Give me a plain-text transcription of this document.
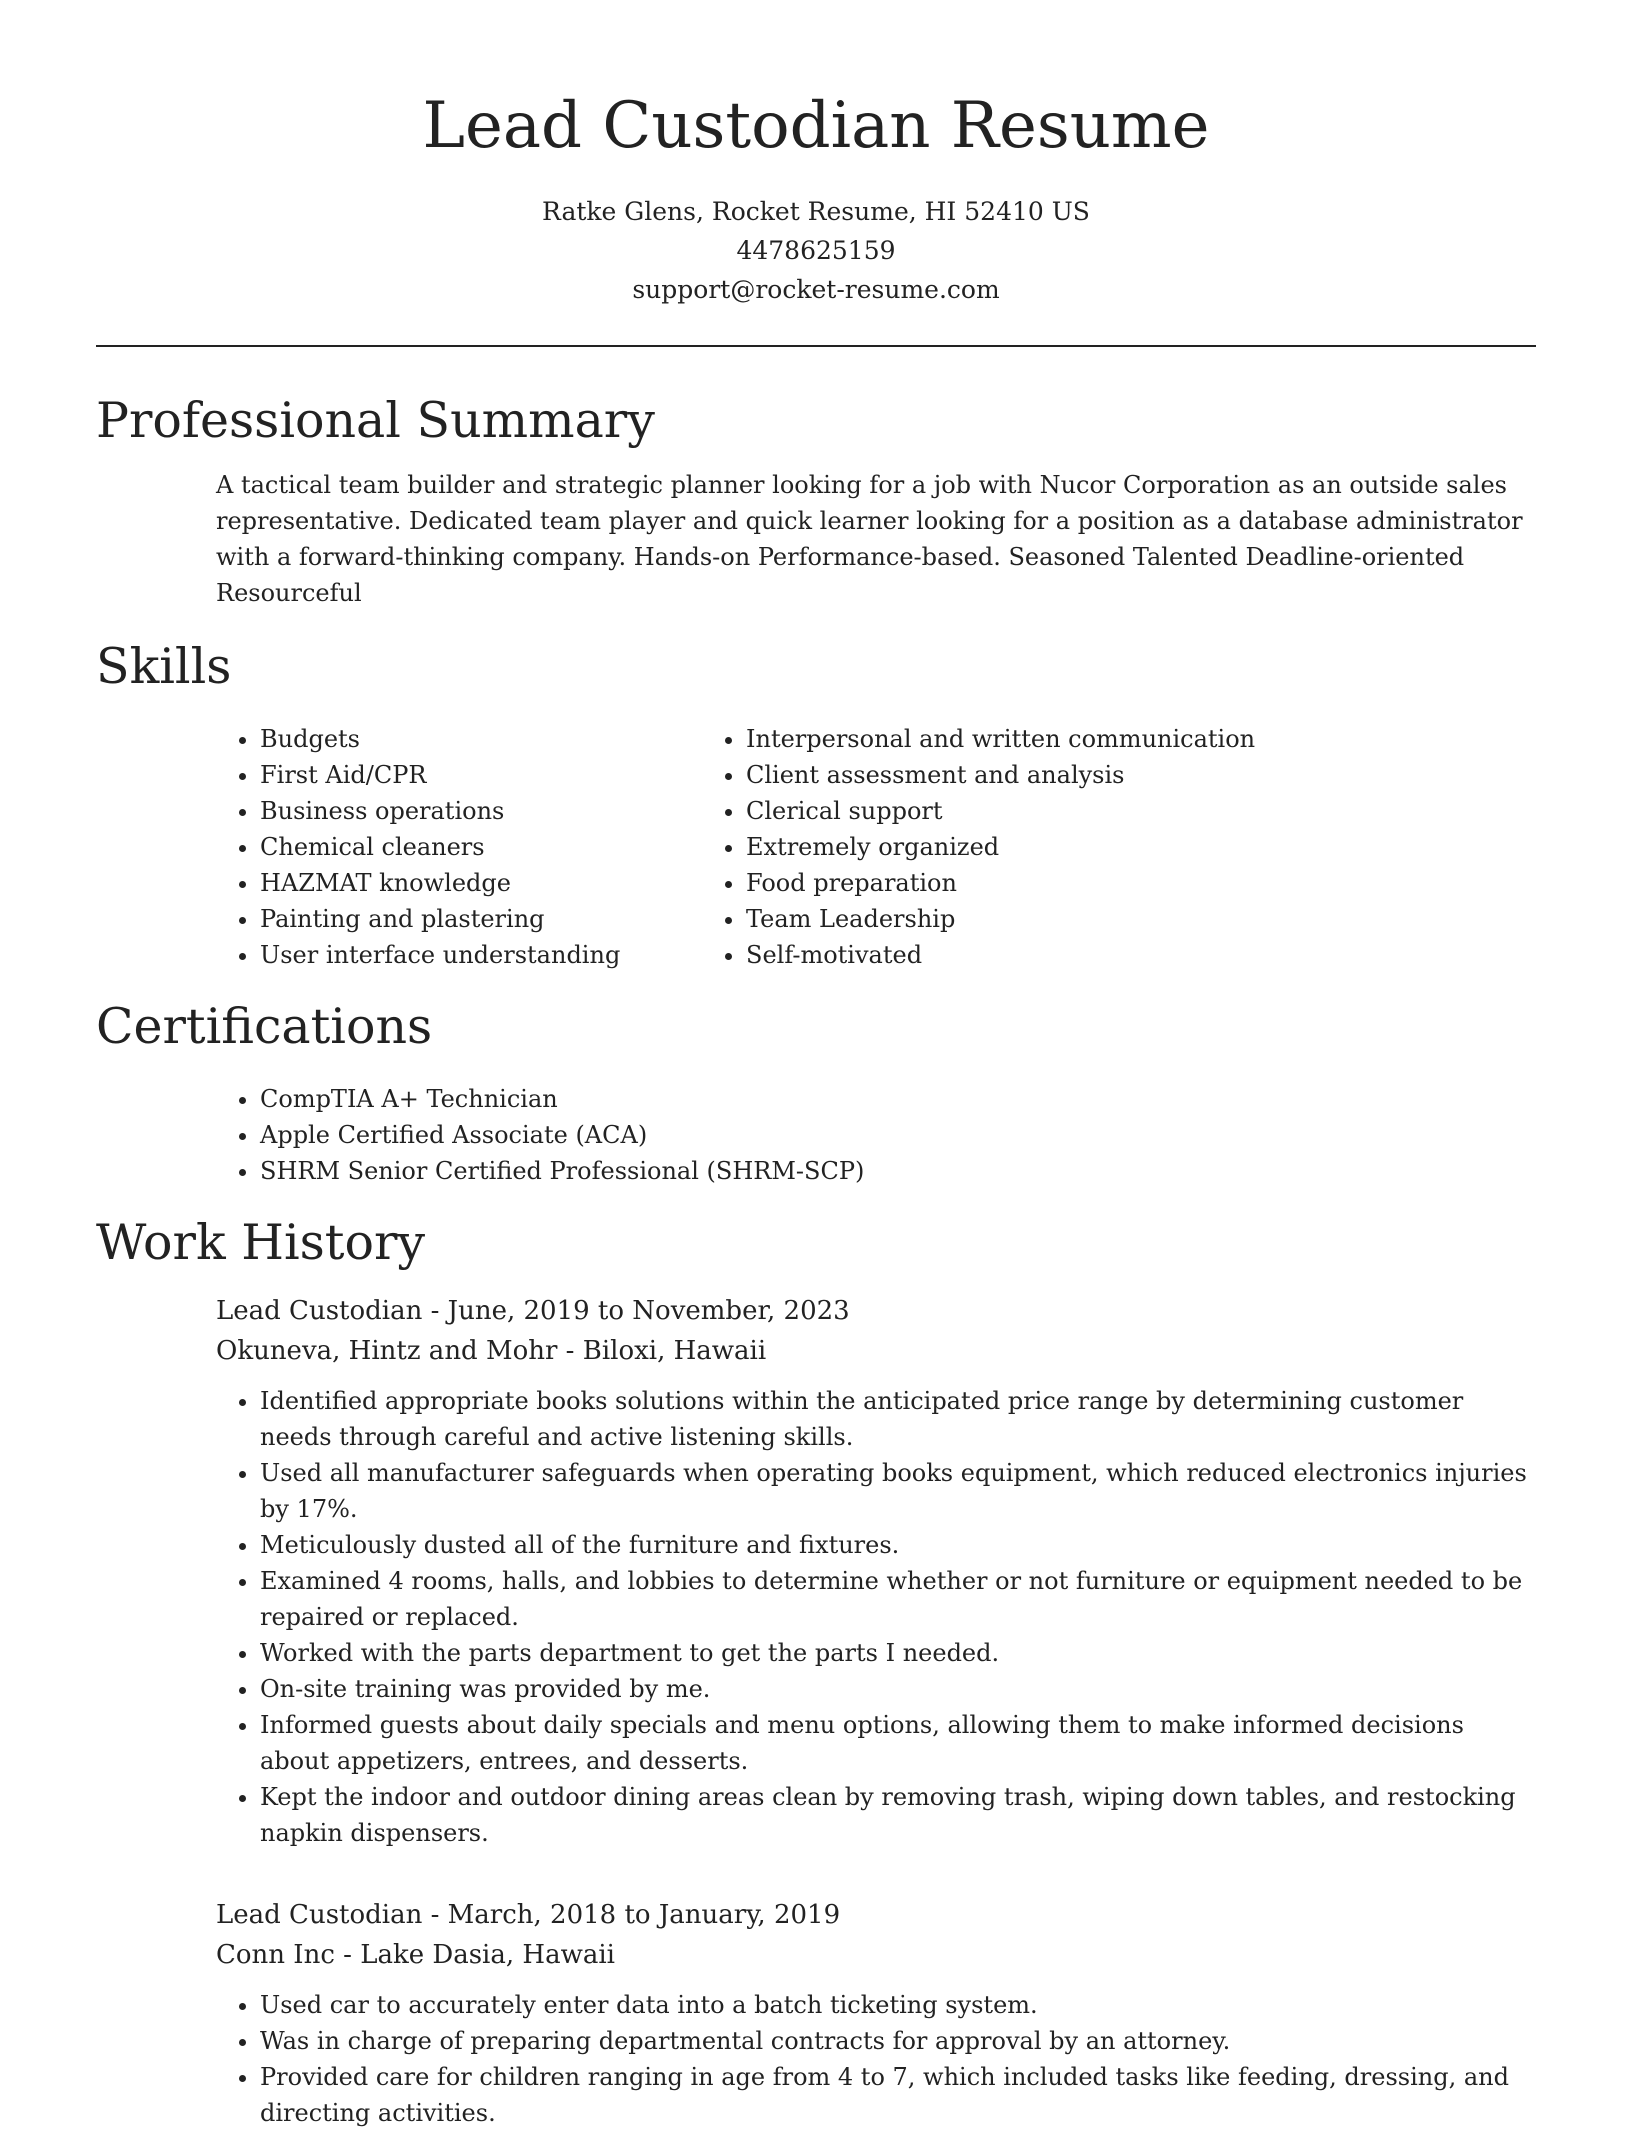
Lead Custodian Resume
Ratke Glens, Rocket Resume, HI 52410 US
4478625159
support@rocket-resume.com
Professional Summary

A tactical team builder and strategic planner looking for a job with Nucor Corporation as an outside sales representative. Dedicated team player and quick learner looking for a position as a database administrator with a forward-thinking company. Hands-on Performance-based. Seasoned Talented Deadline-oriented Resourceful

Skills
• Budgets
• First Aid/CPR
• Business operations
• Chemical cleaners
• HAZMAT knowledge
• Painting and plastering
• User interface understanding
• Interpersonal and written communication
• Client assessment and analysis
• Clerical support
• Extremely organized
• Food preparation
• Team Leadership
• Self-motivated
Certifications
• CompTIA A+ Technician
• Apple Certified Associate (ACA)
• SHRM Senior Certified Professional (SHRM-SCP)
Work History

Lead Custodian - June, 2019 to November, 2023

Okuneva, Hintz and Mohr - Biloxi, Hawaii

• Identified appropriate books solutions within the anticipated price range by determining customer needs through careful and active listening skills.
• Used all manufacturer safeguards when operating books equipment, which reduced electronics injuries by 17%.
• Meticulously dusted all of the furniture and fixtures.
• Examined 4 rooms, halls, and lobbies to determine whether or not furniture or equipment needed to be repaired or replaced.
• Worked with the parts department to get the parts I needed.
• On-site training was provided by me.
• Informed guests about daily specials and menu options, allowing them to make informed decisions about appetizers, entrees, and desserts.
• Kept the indoor and outdoor dining areas clean by removing trash, wiping down tables, and restocking napkin dispensers.

Lead Custodian - March, 2018 to January, 2019

Conn Inc - Lake Dasia, Hawaii

• Used car to accurately enter data into a batch ticketing system.
• Was in charge of preparing departmental contracts for approval by an attorney.
• Provided care for children ranging in age from 4 to 7, which included tasks like feeding, dressing, and directing activities.
